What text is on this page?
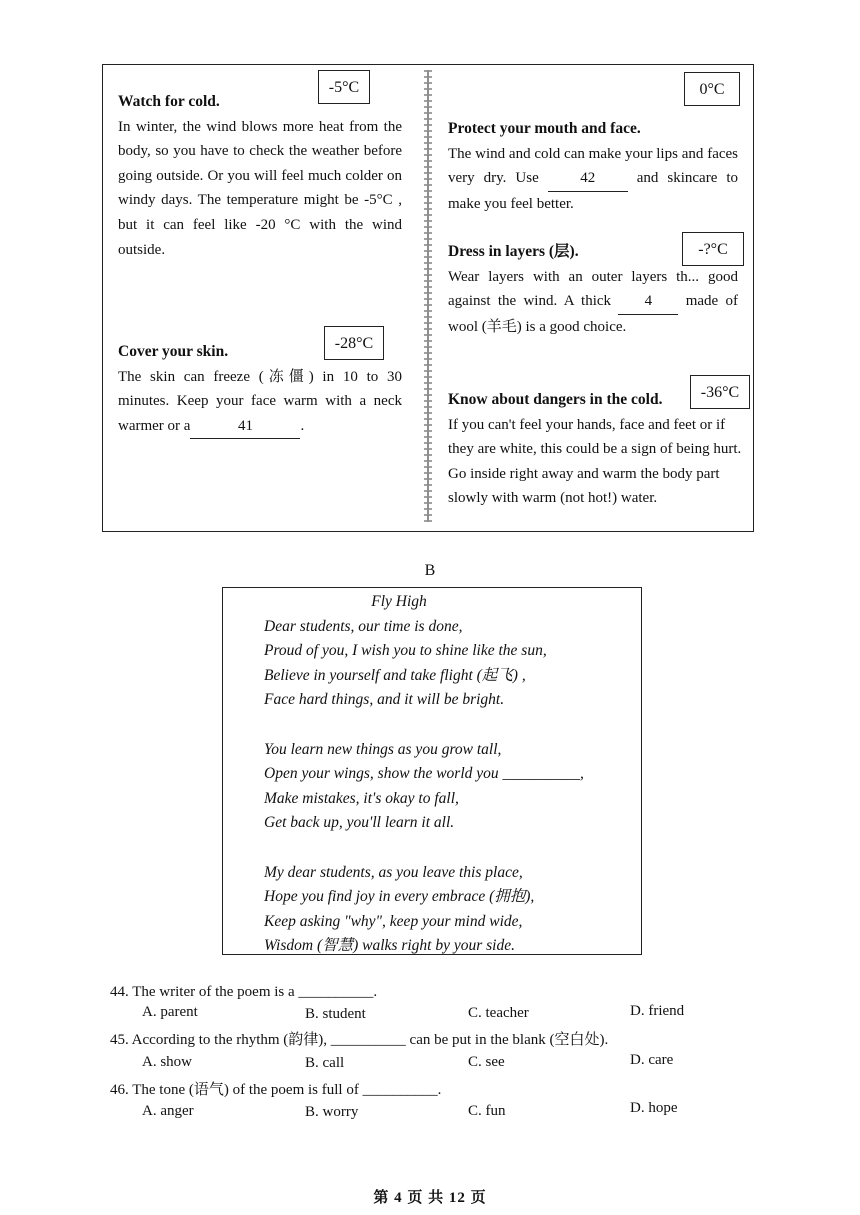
-5°C
Watch for cold.

In winter, the wind blows more heat from the body, so you have to check the weather before going outside. Or you will feel much colder on windy days. The temperature might be -5°C , but it can feel like -20 °C with the wind outside.

-28°C
Cover your skin.

The skin can freeze (冻僵) in 10 to 30 minutes. Keep your face warm with a neck warmer or a	41	.

0°C
Protect your mouth and face.

The wind and cold can make your lips and faces very dry. Use	42	and skincare to make you feel better.

-?°C
Dress in layers (层).

Wear layers with an outer layers th... good against the wind. A thick 4 made of wool (羊毛) is a good choice.

-36°C
Know about dangers in the cold.

If you can't feel your hands, face and feet or if they are white, this could be a sign of being hurt. Go inside right away and warm the body part slowly with warm (not hot!) water.

B
Fly High
Dear students, our time is done,
Proud of you, I wish you to shine like the sun,
Believe in yourself and take flight (起飞) ,
Face hard things, and it will be bright.
You learn new things as you grow tall,
Open your wings, show the world you __________,
Make mistakes, it's okay to fall,
Get back up, you'll learn it all.
My dear students, as you leave this place,
Hope you find joy in every embrace (拥抱),
Keep asking "why", keep your mind wide,
Wisdom (智慧) walks right by your side.
44. The writer of the poem is a __________.
A. parent	B. student	C. teacher	D. friend
45. According to the rhythm (韵律), __________ can be put in the blank (空白处).
A. show	B. call	C. see	D. care
46. The tone (语气) of the poem is full of __________.
A. anger	B. worry	C. fun	D. hope
第 4 页 共 12 页
